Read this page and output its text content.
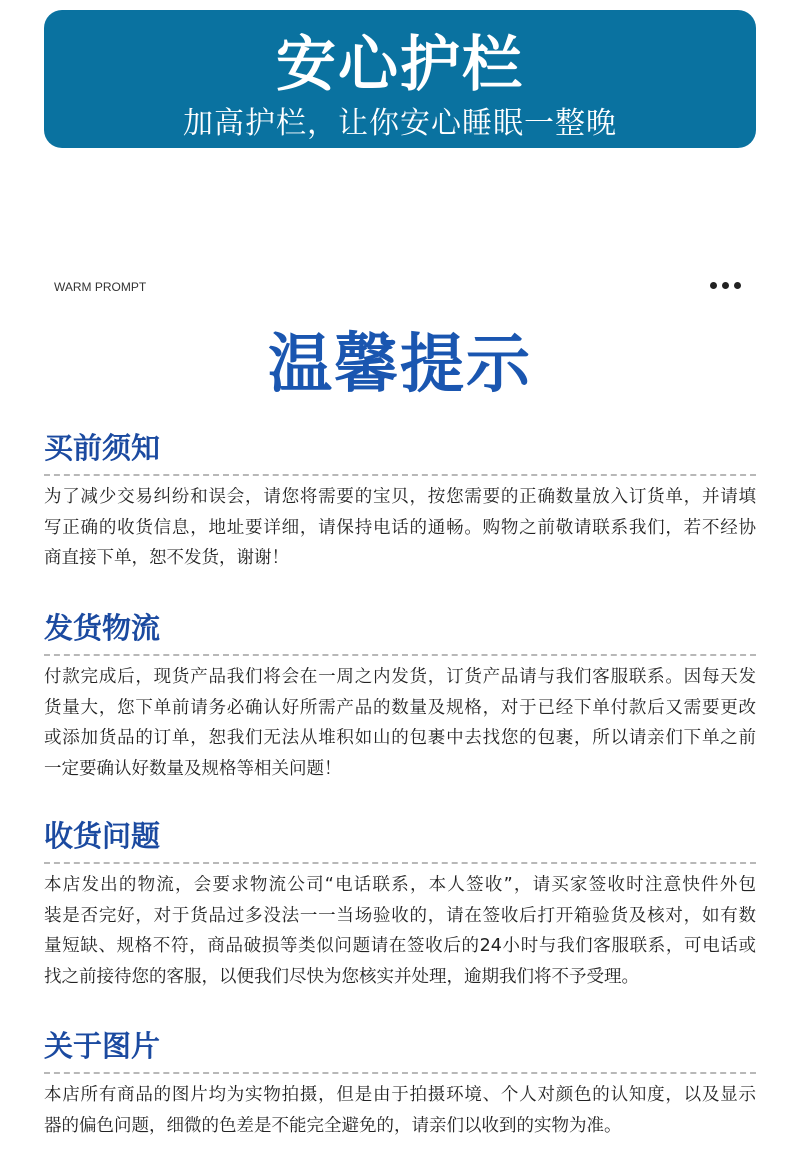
安心护栏
加高护栏，让你安心睡眠一整晚
WARM PROMPT
温馨提示
买前须知
为了减少交易纠纷和误会，请您将需要的宝贝，按您需要的正确数量放入订货单，并请填
写正确的收货信息，地址要详细，请保持电话的通畅。购物之前敬请联系我们，若不经协
商直接下单，恕不发货，谢谢！
发货物流
付款完成后，现货产品我们将会在一周之内发货，订货产品请与我们客服联系。因每天发
货量大，您下单前请务必确认好所需产品的数量及规格，对于已经下单付款后又需要更改
或添加货品的订单，恕我们无法从堆积如山的包裹中去找您的包裹，所以请亲们下单之前
一定要确认好数量及规格等相关问题！
收货问题
本店发出的物流，会要求物流公司“电话联系，本人签收”，请买家签收时注意快件外包
装是否完好，对于货品过多没法一一当场验收的，请在签收后打开箱验货及核对，如有数
量短缺、规格不符，商品破损等类似问题请在签收后的24小时与我们客服联系，可电话或
找之前接待您的客服，以便我们尽快为您核实并处理，逾期我们将不予受理。
关于图片
本店所有商品的图片均为实物拍摄，但是由于拍摄环境、个人对颜色的认知度，以及显示
器的偏色问题，细微的色差是不能完全避免的，请亲们以收到的实物为准。
